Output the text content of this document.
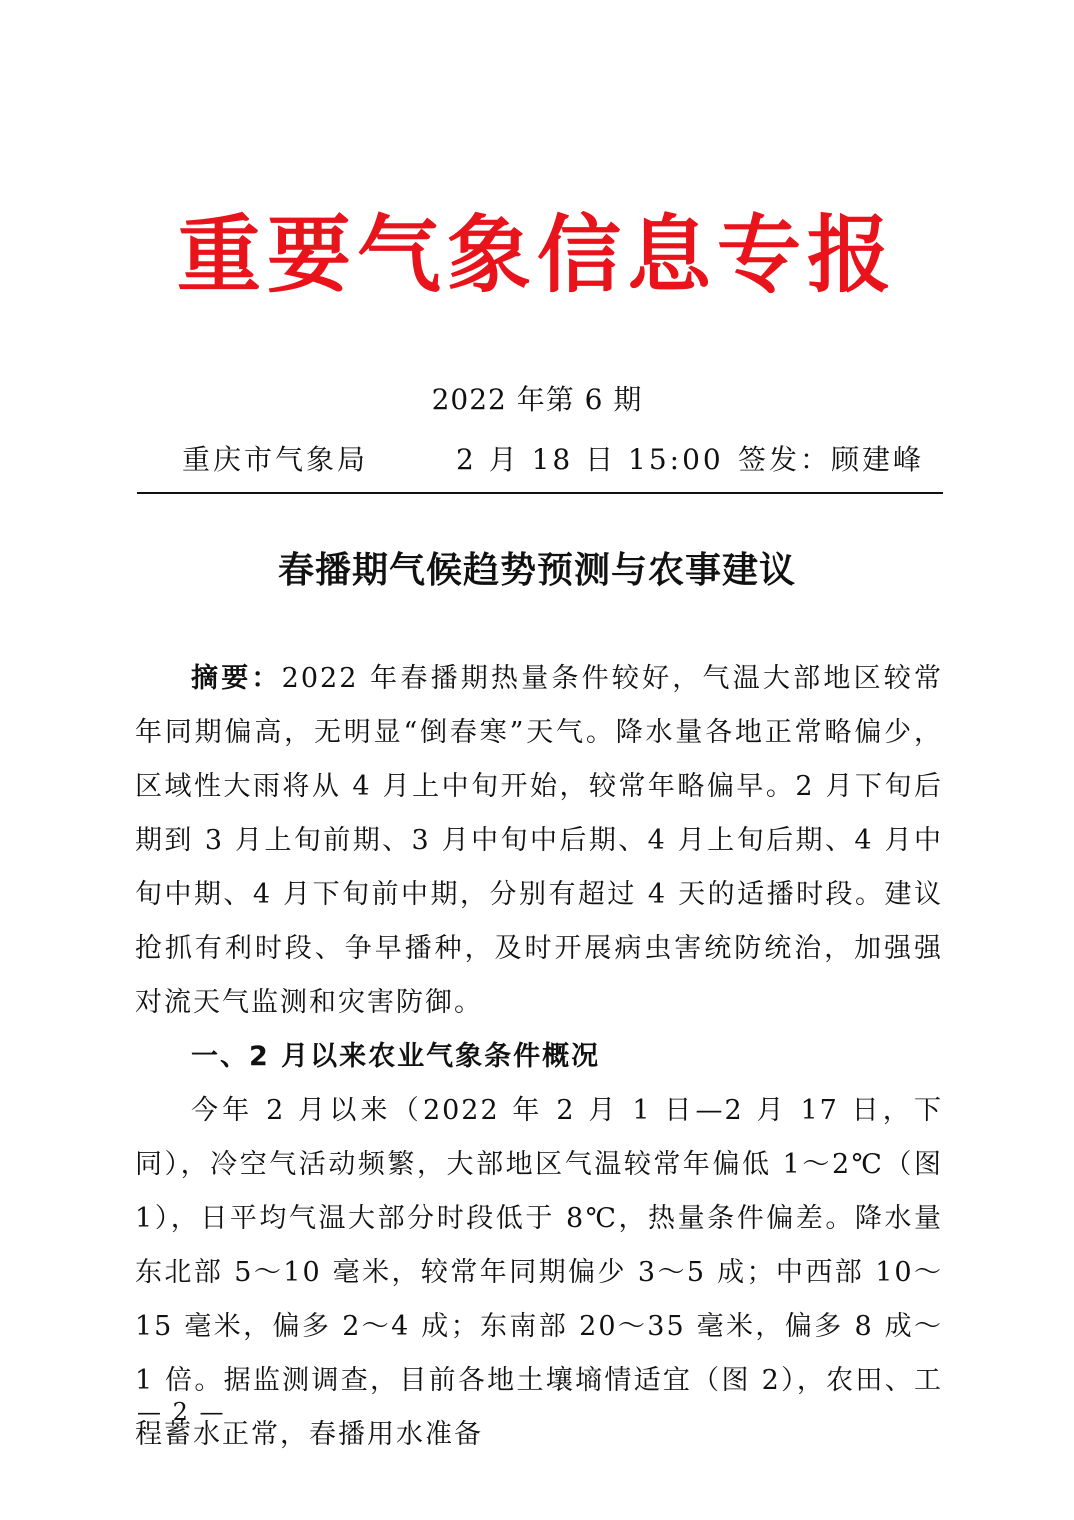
重要气象信息专报
2022 年第 6 期
重庆市气象局	2 月 18 日 15:00 签发：顾建峰
春播期气候趋势预测与农事建议

摘要：2022 年春播期热量条件较好，气温大部地区较常年同期偏高，无明显“倒春寒”天气。降水量各地正常略偏少，区域性大雨将从 4 月上中旬开始，较常年略偏早。2 月下旬后期到 3 月上旬前期、3 月中旬中后期、4 月上旬后期、4 月中旬中期、4 月下旬前中期，分别有超过 4 天的适播时段。建议抢抓有利时段、争早播种，及时开展病虫害统防统治，加强强对流天气监测和灾害防御。

一、2 月以来农业气象条件概况

今年 2 月以来（2022 年 2 月 1 日—2 月 17 日，下同），冷空气活动频繁，大部地区气温较常年偏低 1～2℃（图 1），日平均气温大部分时段低于 8℃，热量条件偏差。降水量东北部 5～10 毫米，较常年同期偏少 3～5 成；中西部 10～15 毫米，偏多 2～4 成；东南部 20～35 毫米，偏多 8 成～1 倍。据监测调查，目前各地土壤墒情适宜（图 2），农田、工程蓄水正常，春播用水准备

— 2 —
